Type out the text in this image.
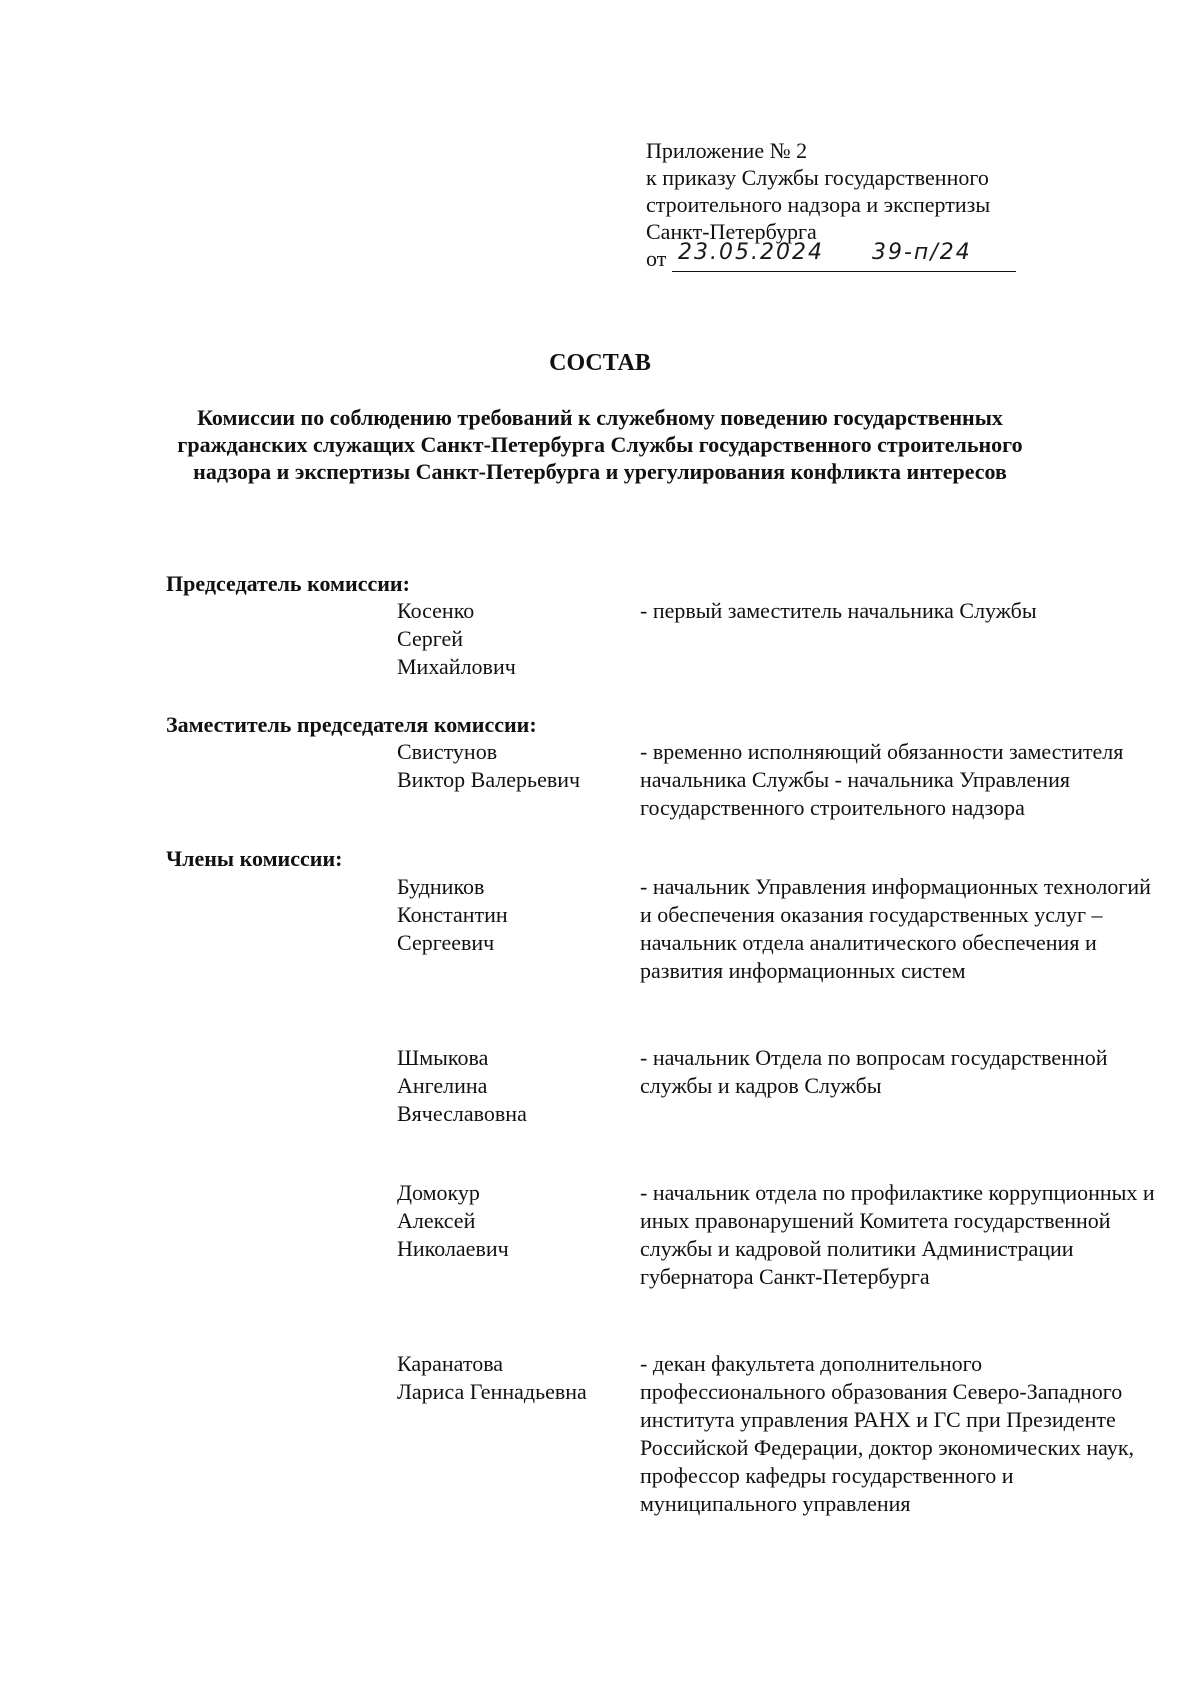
Приложение № 2
к приказу Службы государственного
строительного надзора и экспертизы
Санкт-Петербурга
от 23.05.2024 39-п/24
СОСТАВ
Комиссии по соблюдению требований к служебному поведению государственных гражданских служащих Санкт-Петербурга Службы государственного строительного надзора и экспертизы Санкт-Петербурга и урегулирования конфликта интересов
Председатель комиссии:
Косенко
Сергей
Михайлович
- первый заместитель начальника Службы
Заместитель председателя комиссии:
Свистунов
Виктор Валерьевич
- временно исполняющий обязанности заместителя начальника Службы - начальника Управления государственного строительного надзора
Члены комиссии:
Будников
Константин
Сергеевич
- начальник Управления информационных технологий и обеспечения оказания государственных услуг – начальник отдела аналитического обеспечения и развития информационных систем
Шмыкова
Ангелина
Вячеславовна
- начальник Отдела по вопросам государственной службы и кадров Службы
Домокур
Алексей
Николаевич
- начальник отдела по профилактике коррупционных и иных правонарушений Комитета государственной службы и кадровой политики Администрации губернатора Санкт-Петербурга
Каранатова
Лариса Геннадьевна
- декан факультета дополнительного профессионального образования Северо-Западного института управления РАНХ и ГС при Президенте Российской Федерации, доктор экономических наук, профессор кафедры государственного и муниципального управления
